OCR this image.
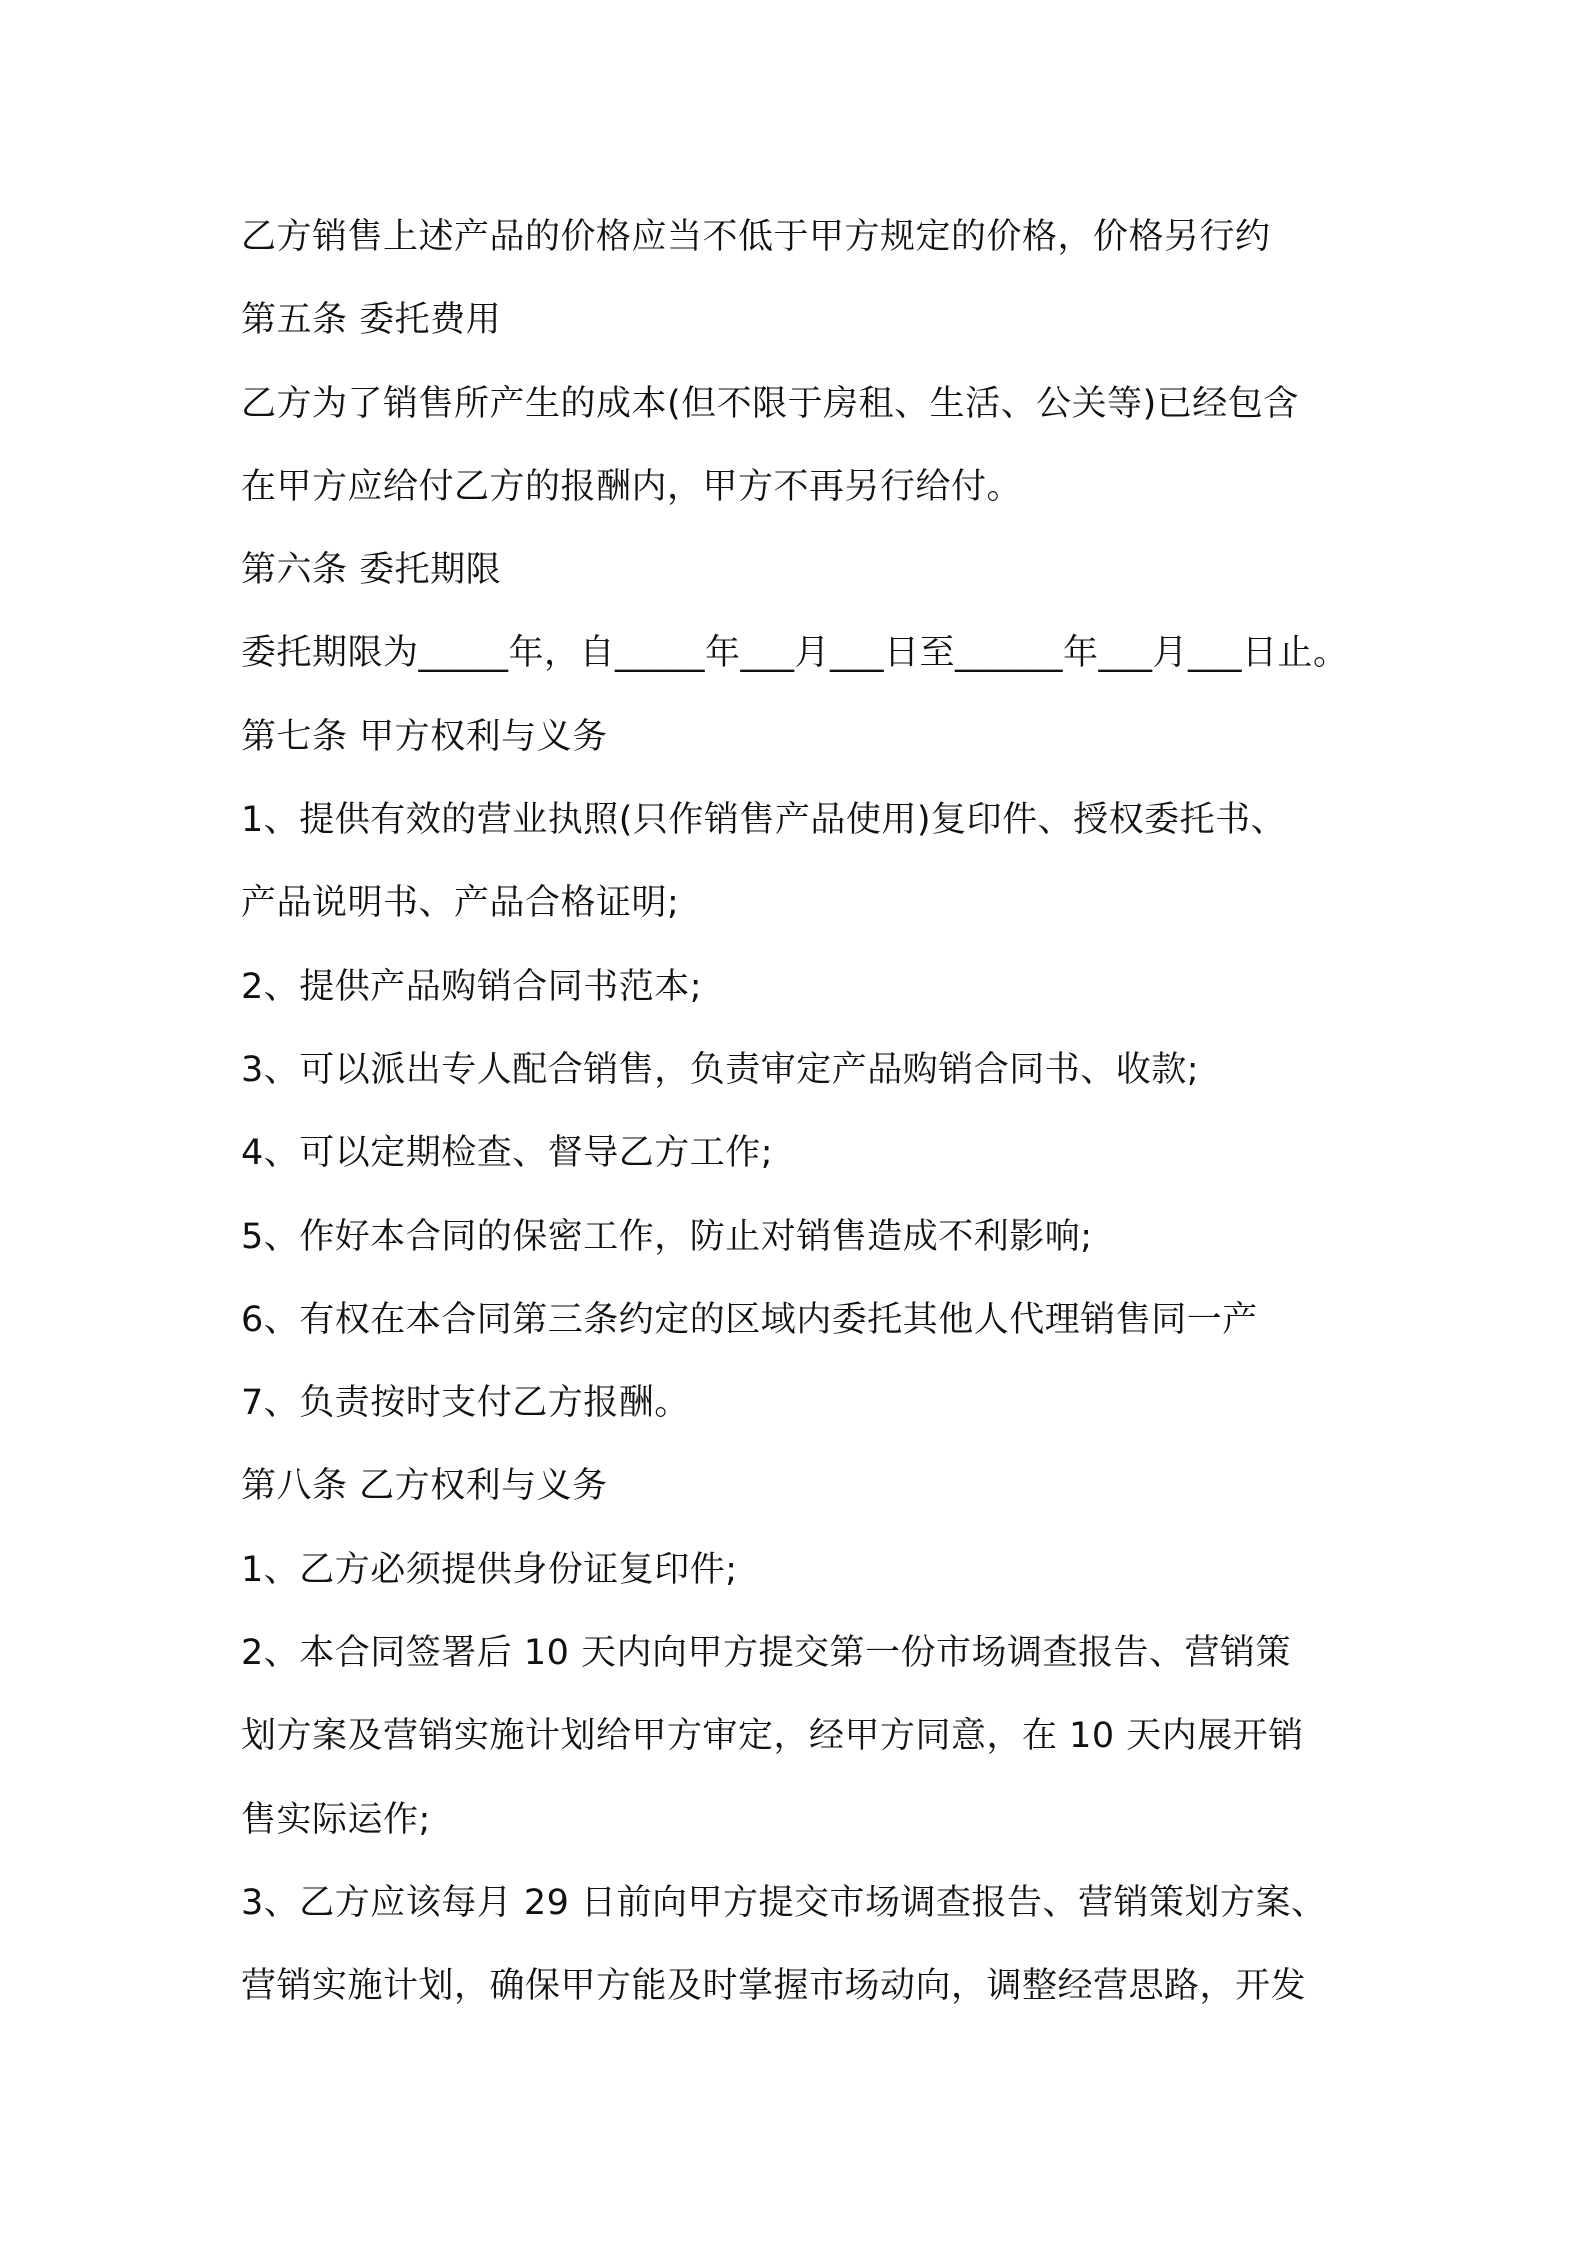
乙方销售上述产品的价格应当不低于甲方规定的价格，价格另行约
第五条 委托费用
乙方为了销售所产生的成本(但不限于房租、生活、公关等)已经包含
在甲方应给付乙方的报酬内，甲方不再另行给付。
第六条 委托期限
委托期限为_____年，自_____年___月___日至______年___月___日止。
第七条 甲方权利与义务
1、提供有效的营业执照(只作销售产品使用)复印件、授权委托书、
产品说明书、产品合格证明;
2、提供产品购销合同书范本;
3、可以派出专人配合销售，负责审定产品购销合同书、收款;
4、可以定期检查、督导乙方工作;
5、作好本合同的保密工作，防止对销售造成不利影响;
6、有权在本合同第三条约定的区域内委托其他人代理销售同一产
7、负责按时支付乙方报酬。
第八条 乙方权利与义务
1、乙方必须提供身份证复印件;
2、本合同签署后 10 天内向甲方提交第一份市场调查报告、营销策
划方案及营销实施计划给甲方审定，经甲方同意，在 10 天内展开销
售实际运作;
3、乙方应该每月 29 日前向甲方提交市场调查报告、营销策划方案、
营销实施计划，确保甲方能及时掌握市场动向，调整经营思路，开发
